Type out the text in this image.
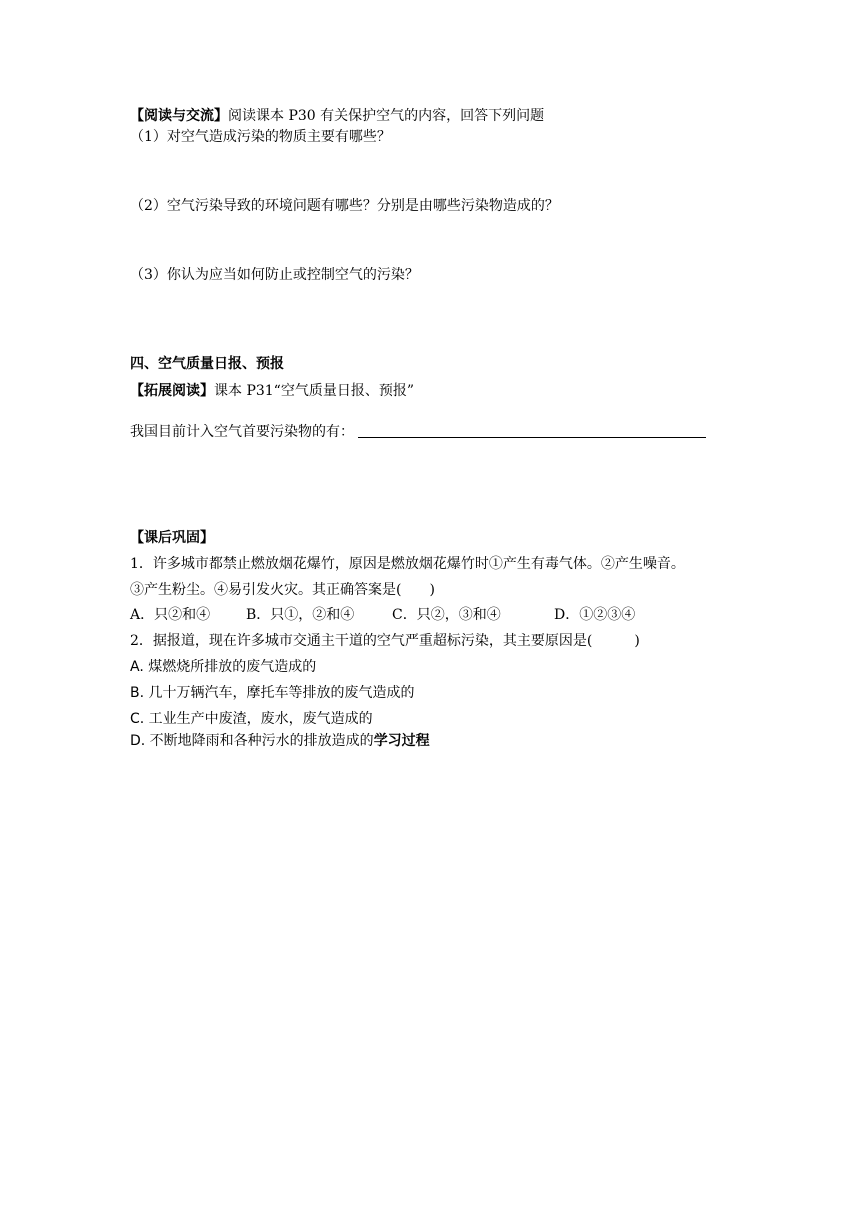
【阅读与交流】阅读课本 P30 有关保护空气的内容，回答下列问题
（1）对空气造成污染的物质主要有哪些？
（2）空气污染导致的环境问题有哪些？分别是由哪些污染物造成的？
（3）你认为应当如何防止或控制空气的污染？
四、空气质量日报、预报
【拓展阅读】课本 P31“空气质量日报、预报”
我国目前计入空气首要污染物的有：
【课后巩固】
1．许多城市都禁止燃放烟花爆竹，原因是燃放烟花爆竹时①产生有毒气体。②产生噪音。
③产生粉尘。④易引发火灾。其正确答案是(　　)
A．只②和④	B．只①，②和④	C．只②，③和④	D．①②③④
2．据报道，现在许多城市交通主干道的空气严重超标污染，其主要原因是(　　　)
A. 煤燃烧所排放的废气造成的
B. 几十万辆汽车，摩托车等排放的废气造成的
C. 工业生产中废渣，废水，废气造成的
D. 不断地降雨和各种污水的排放造成的学习过程
